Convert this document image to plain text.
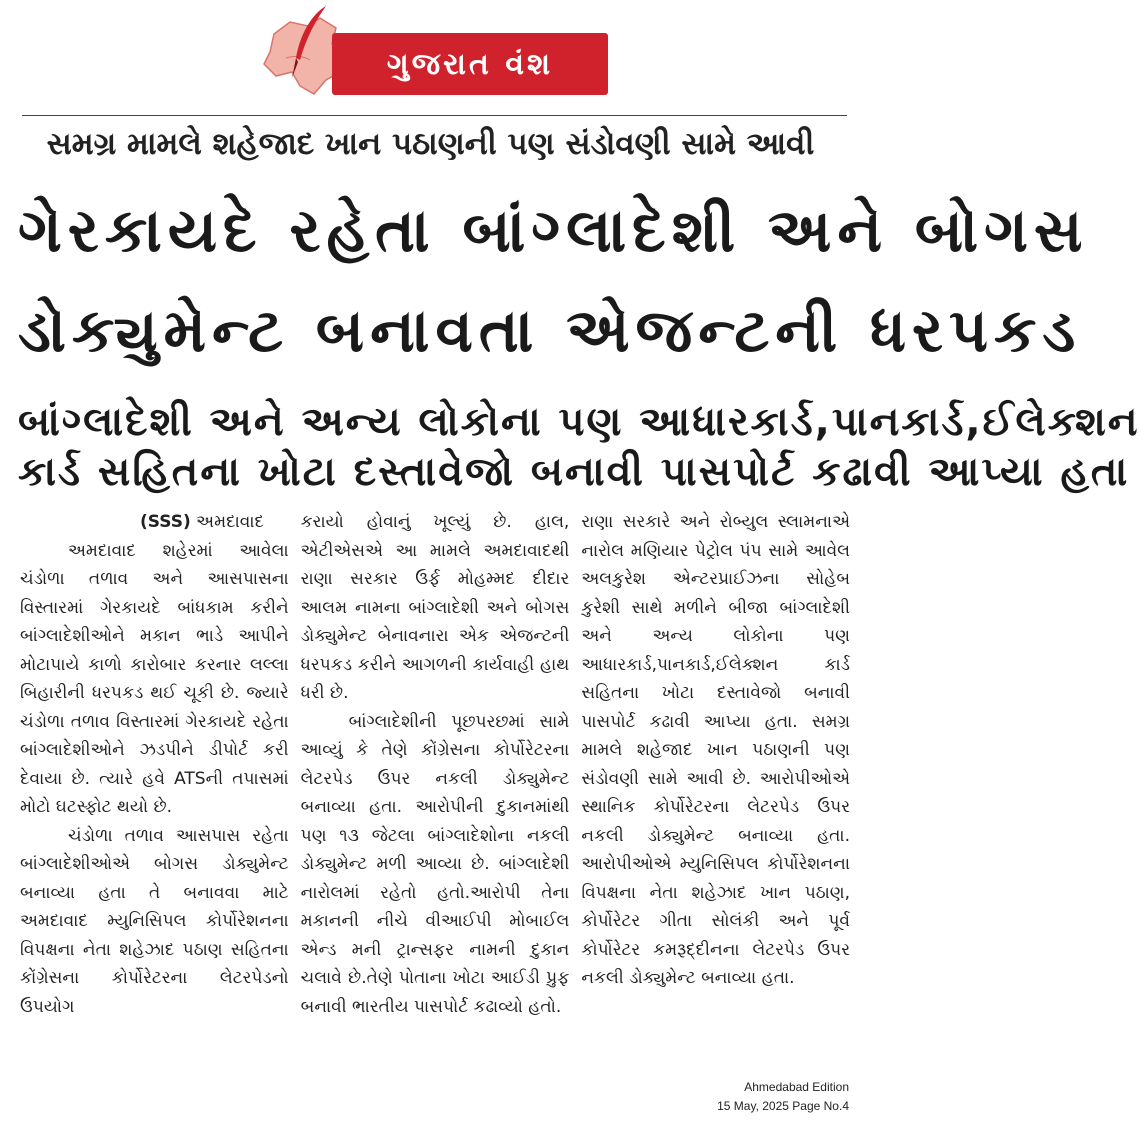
ગુજરાત વંશ
સમગ્ર મામલે શહેજાદ ખાન પઠાણની પણ સંડોવણી સામે આવી
ગેરકાયદે રહેતા બાંગ્લાદેશી અને બોગસ
ડોક્યુમેન્ટ બનાવતા એજન્ટની ધરપકડ
બાંગ્લાદેશી અને અન્ય લોકોના પણ આધારકાર્ડ,પાનકાર્ડ,ઈલેક્શન
કાર્ડ સહિતના ખોટા દસ્તાવેજો બનાવી પાસપોર્ટ કઢાવી આપ્યા હતા

(SSS) અમદાવાદ

અમદાવાદ શહેરમાં આવેલા ચંડોળા તળાવ અને આસપાસના વિસ્તારમાં ગેરકાયદે બાંધકામ કરીને બાંગ્લાદેશીઓને મકાન ભાડે આપીને મોટાપાયે કાળો કારોબાર કરનાર લલ્લા બિહારીની ધરપકડ થઈ ચૂકી છે. જ્યારે ચંડોળા તળાવ વિસ્તારમાં ગેરકાયદે રહેતા બાંગ્લાદેશીઓને ઝડપીને ડીપોર્ટ કરી દેવાયા છે. ત્યારે હવે ATSની તપાસમાં મોટો ઘટસ્ફોટ થયો છે.

ચંડોળા તળાવ આસપાસ રહેતા બાંગ્લાદેશીઓએ બોગસ ડોક્યુમેન્ટ બનાવ્યા હતા તે બનાવવા માટે અમદાવાદ મ્યુનિસિપલ કોર્પોરેશનના વિપક્ષના નેતા શહેઝાદ પઠાણ સહિતના કોંગ્રેસના કોર્પોરેટરના લેટરપેડનો ઉપયોગ

કરાયો હોવાનું ખૂલ્યું છે. હાલ, એટીએસએ આ મામલે અમદાવાદથી રાણા સરકાર ઉર્ફ મોહમ્મદ દીદાર આલમ નામના બાંગ્લાદેશી અને બોગસ ડોક્યુમેન્ટ બેનાવનારા એક એજન્ટની ધરપકડ કરીને આગળની કાર્યવાહી હાથ ધરી છે.

બાંગ્લાદેશીની પૂછપરછમાં સામે આવ્યું કે તેણે કોંગ્રેસના કોર્પોરેટરના લેટરપેડ ઉપર નકલી ડોક્યુમેન્ટ બનાવ્યા હતા. આરોપીની દુકાનમાંથી પણ ૧૩ જેટલા બાંગ્લાદેશોના નકલી ડોક્યુમેન્ટ મળી આવ્યા છે. બાંગ્લાદેશી નારોલમાં રહેતો હતો.આરોપી તેના મકાનની નીચે વીઆઈપી મોબાઈલ એન્ડ મની ટ્રાન્સફર નામની દુકાન ચલાવે છે.તેણે પોતાના ખોટા આઈડી પ્રુફ બનાવી ભારતીય પાસપોર્ટ કઢાવ્યો હતો.

રાણા સરકારે અને રોબ્યુલ સ્લામનાએ નારોલ મણિયાર પેટ્રોલ પંપ સામે આવેલ અલકુરેશ એન્ટરપ્રાઈઝના સોહેબ કુરેશી સાથે મળીને બીજા બાંગ્લાદેશી અને અન્ય લોકોના પણ આધારકાર્ડ,પાનકાર્ડ,ઈલેક્શન કાર્ડ સહિતના ખોટા દસ્તાવેજો બનાવી પાસપોર્ટ કઢાવી આપ્યા હતા. સમગ્ર મામલે શહેજાદ ખાન પઠાણની પણ સંડોવણી સામે આવી છે. આરોપીઓએ સ્થાનિક કોર્પોરેટરના લેટરપેડ ઉપર નકલી ડોક્યુમેન્ટ બનાવ્યા હતા. આરોપીઓએ મ્યુનિસિપલ કોર્પોરેશનના વિપક્ષના નેતા શહેઝાદ ખાન પઠાણ, કોર્પોરેટર ગીતા સોલંકી અને પૂર્વ કોર્પોરેટર કમરૂદ્દીનના લેટરપેડ ઉપર નકલી ડોક્યુમેન્ટ બનાવ્યા હતા.

Ahmedabad Edition
15 May, 2025 Page No.4
